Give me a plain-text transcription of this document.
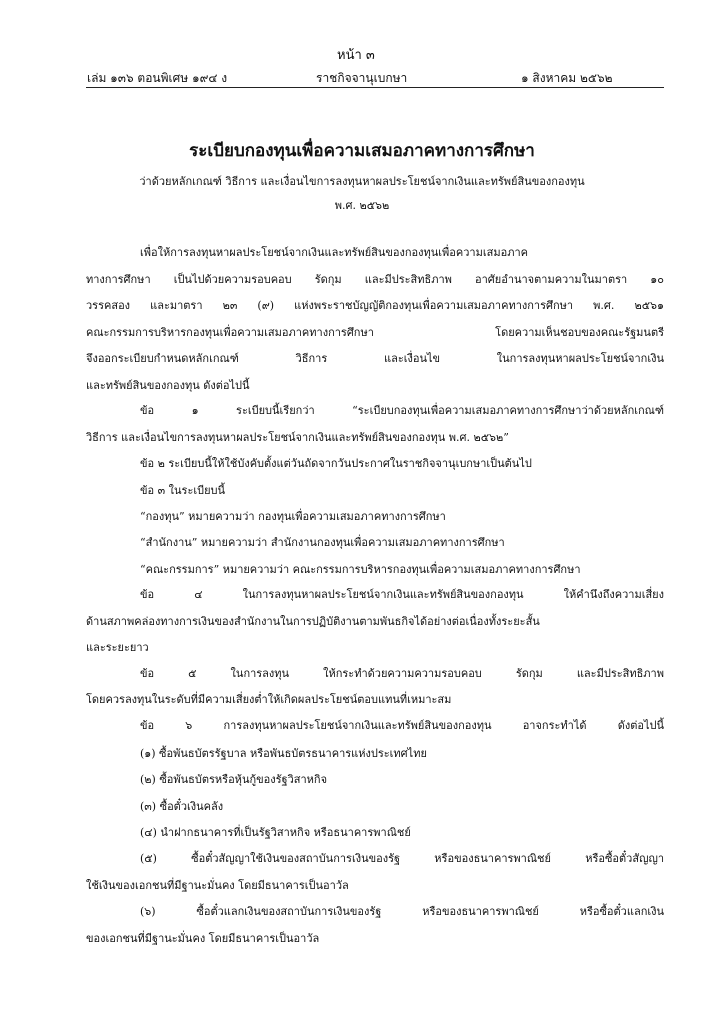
หน้า ๓
เล่ม ๑๓๖ ตอนพิเศษ ๑๙๔ ง	ราชกิจจานุเบกษา	๑ สิงหาคม ๒๕๖๒
ระเบียบกองทุนเพื่อความเสมอภาคทางการศึกษา
ว่าด้วยหลักเกณฑ์ วิธีการ และเงื่อนไขการลงทุนหาผลประโยชน์จากเงินและทรัพย์สินของกองทุน
พ.ศ. ๒๕๖๒
เพื่อให้การลงทุนหาผลประโยชน์จากเงินและทรัพย์สินของกองทุนเพื่อความเสมอภาค
ทางการศึกษา เป็นไปด้วยความรอบคอบ รัดกุม และมีประสิทธิภาพ อาศัยอำนาจตามความในมาตรา ๑๐
วรรคสอง และมาตรา ๒๓ (๙) แห่งพระราชบัญญัติกองทุนเพื่อความเสมอภาคทางการศึกษา พ.ศ. ๒๕๖๑
คณะกรรมการบริหารกองทุนเพื่อความเสมอภาคทางการศึกษา โดยความเห็นชอบของคณะรัฐมนตรี
จึงออกระเบียบกำหนดหลักเกณฑ์ วิธีการ และเงื่อนไข ในการลงทุนหาผลประโยชน์จากเงิน
และทรัพย์สินของกองทุน ดังต่อไปนี้
ข้อ ๑ ระเบียบนี้เรียกว่า “ระเบียบกองทุนเพื่อความเสมอภาคทางการศึกษาว่าด้วยหลักเกณฑ์
วิธีการ และเงื่อนไขการลงทุนหาผลประโยชน์จากเงินและทรัพย์สินของกองทุน พ.ศ. ๒๕๖๒”
ข้อ ๒ ระเบียบนี้ให้ใช้บังคับตั้งแต่วันถัดจากวันประกาศในราชกิจจานุเบกษาเป็นต้นไป
ข้อ ๓ ในระเบียบนี้
“กองทุน” หมายความว่า กองทุนเพื่อความเสมอภาคทางการศึกษา
“สำนักงาน” หมายความว่า สำนักงานกองทุนเพื่อความเสมอภาคทางการศึกษา
“คณะกรรมการ” หมายความว่า คณะกรรมการบริหารกองทุนเพื่อความเสมอภาคทางการศึกษา
ข้อ ๔ ในการลงทุนหาผลประโยชน์จากเงินและทรัพย์สินของกองทุน ให้คำนึงถึงความเสี่ยง
ด้านสภาพคล่องทางการเงินของสำนักงานในการปฏิบัติงานตามพันธกิจได้อย่างต่อเนื่องทั้งระยะสั้น
และระยะยาว
ข้อ ๕ ในการลงทุน ให้กระทำด้วยความความรอบคอบ รัดกุม และมีประสิทธิภาพ
โดยควรลงทุนในระดับที่มีความเสี่ยงต่ำให้เกิดผลประโยชน์ตอบแทนที่เหมาะสม
ข้อ ๖ การลงทุนหาผลประโยชน์จากเงินและทรัพย์สินของกองทุน อาจกระทำได้ ดังต่อไปนี้
(๑) ซื้อพันธบัตรรัฐบาล หรือพันธบัตรธนาคารแห่งประเทศไทย
(๒) ซื้อพันธบัตรหรือหุ้นกู้ของรัฐวิสาหกิจ
(๓) ซื้อตั๋วเงินคลัง
(๔) นำฝากธนาคารที่เป็นรัฐวิสาหกิจ หรือธนาคารพาณิชย์
(๕) ซื้อตั๋วสัญญาใช้เงินของสถาบันการเงินของรัฐ หรือของธนาคารพาณิชย์ หรือซื้อตั๋วสัญญา
ใช้เงินของเอกชนที่มีฐานะมั่นคง โดยมีธนาคารเป็นอาวัล
(๖) ซื้อตั๋วแลกเงินของสถาบันการเงินของรัฐ หรือของธนาคารพาณิชย์ หรือซื้อตั๋วแลกเงิน
ของเอกชนที่มีฐานะมั่นคง โดยมีธนาคารเป็นอาวัล
